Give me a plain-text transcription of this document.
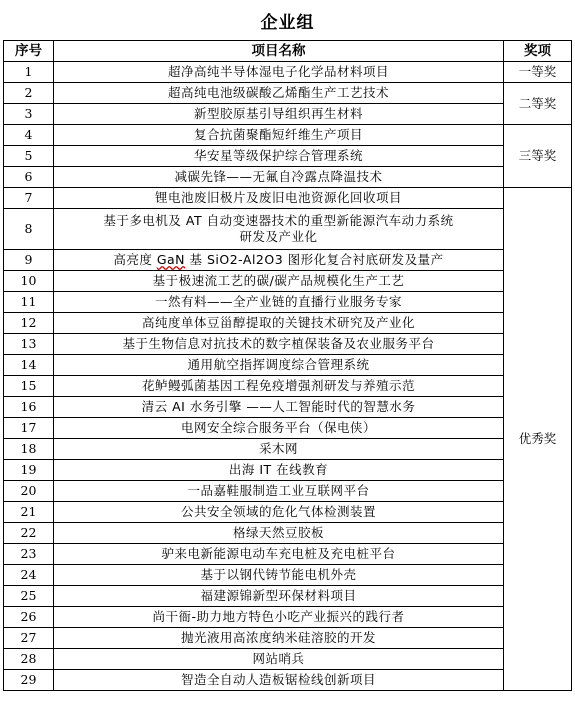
企业组
序号	项目名称	奖项
1	超净高纯半导体湿电子化学品材料项目	一等奖
2	超高纯电池级碳酸乙烯酯生产工艺技术	二等奖
3	新型胶原基引导组织再生材料	
4	复合抗菌聚酯短纤维生产项目	三等奖
5	华安星等级保护综合管理系统	
6	减碳先锋——无氟自冷露点降温技术	
7	锂电池废旧极片及废旧电池资源化回收项目	优秀奖
8	基于多电机及 AT 自动变速器技术的重型新能源汽车动力系统
研发及产业化	

9	高亮度 GaN 基 SiO2-Al2O3 图形化复合衬底研发及量产	
10	基于极速流工艺的碳/碳产品规模化生产工艺	
11	一然有料——全产业链的直播行业服务专家	
12	高纯度单体豆甾醇提取的关键技术研究及产业化	
13	基于生物信息对抗技术的数字植保装备及农业服务平台	
14	通用航空指挥调度综合管理系统	
15	花鲈鳗弧菌基因工程免疫增强剂研发与养殖示范	
16	清云 AI 水务引擎 ——人工智能时代的智慧水务	
17	电网安全综合服务平台（保电侠）	
18	采木网	
19	出海 IT 在线教育	
20	一品嘉鞋服制造工业互联网平台	
21	公共安全领域的危化气体检测装置	
22	格绿天然豆胶板	
23	驴来电新能源电动车充电桩及充电桩平台	
24	基于以钢代铸节能电机外壳	
25	福建源锦新型环保材料项目	
26	尚干衙-助力地方特色小吃产业振兴的践行者	
27	抛光液用高浓度纳米硅溶胶的开发	
28	网站哨兵	
29	智造全自动人造板锯检线创新项目	
